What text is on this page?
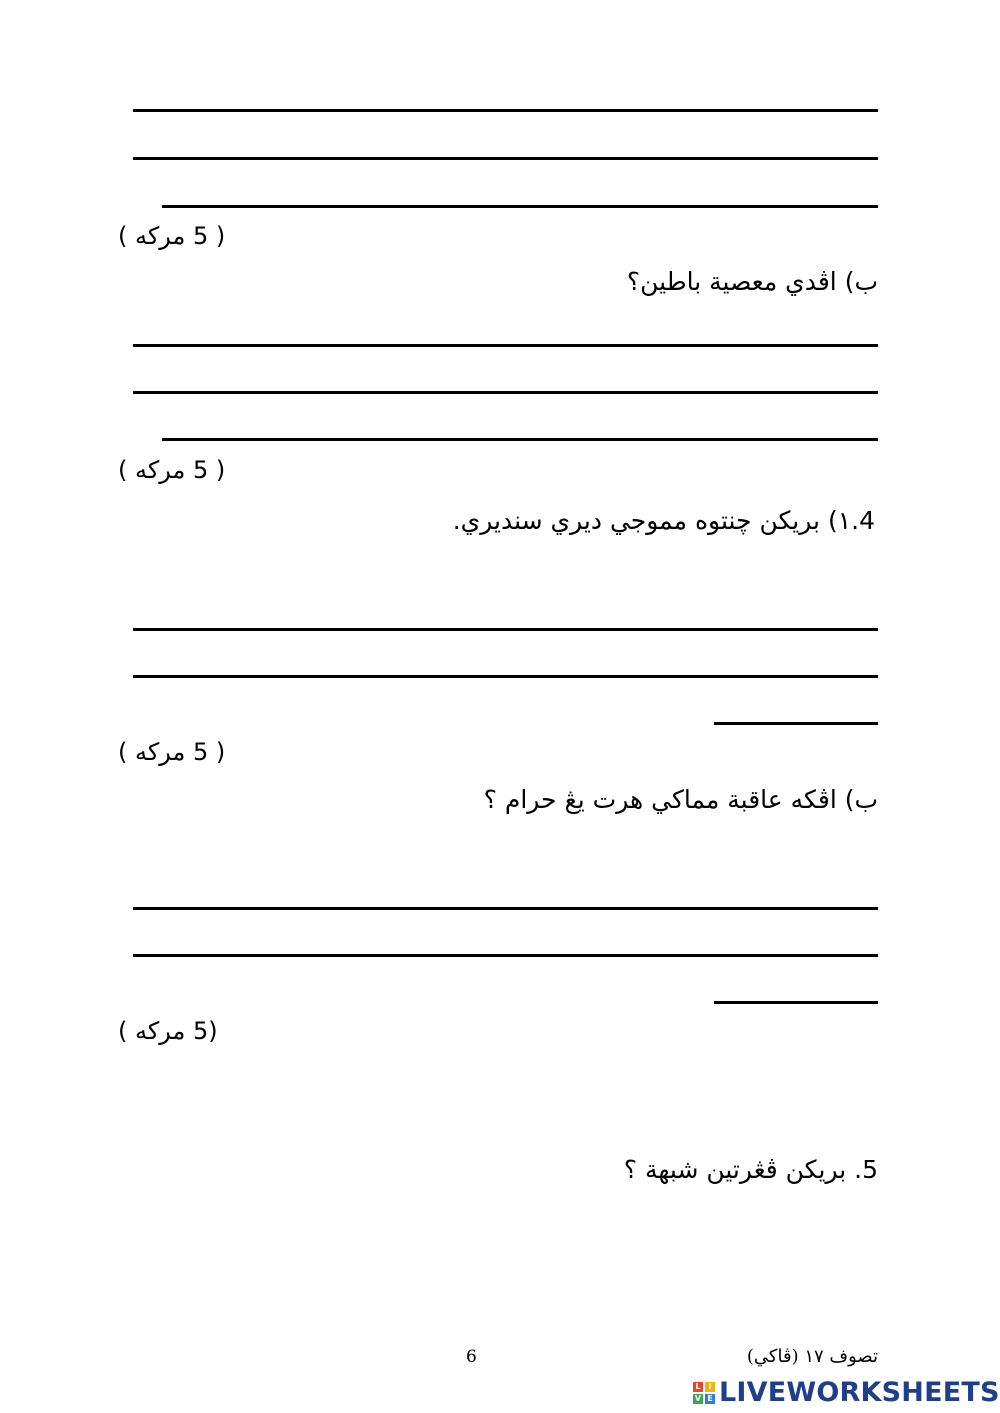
( 5 مركه )
ب) اڤدي معصية باطين؟
( 5 مركه )
4.١) بريکن چنتوه مموجي ديري سنديري.
( 5 مركه )
ب) اڤکه عاقبة مماکي هرت يڠ حرام ؟
(5 مركه )
5. بريکن ڤڠرتين شبهة ؟
6	تصوف ١٧ (ڤاکي)
L I
V E LIVEWORKSHEETS
